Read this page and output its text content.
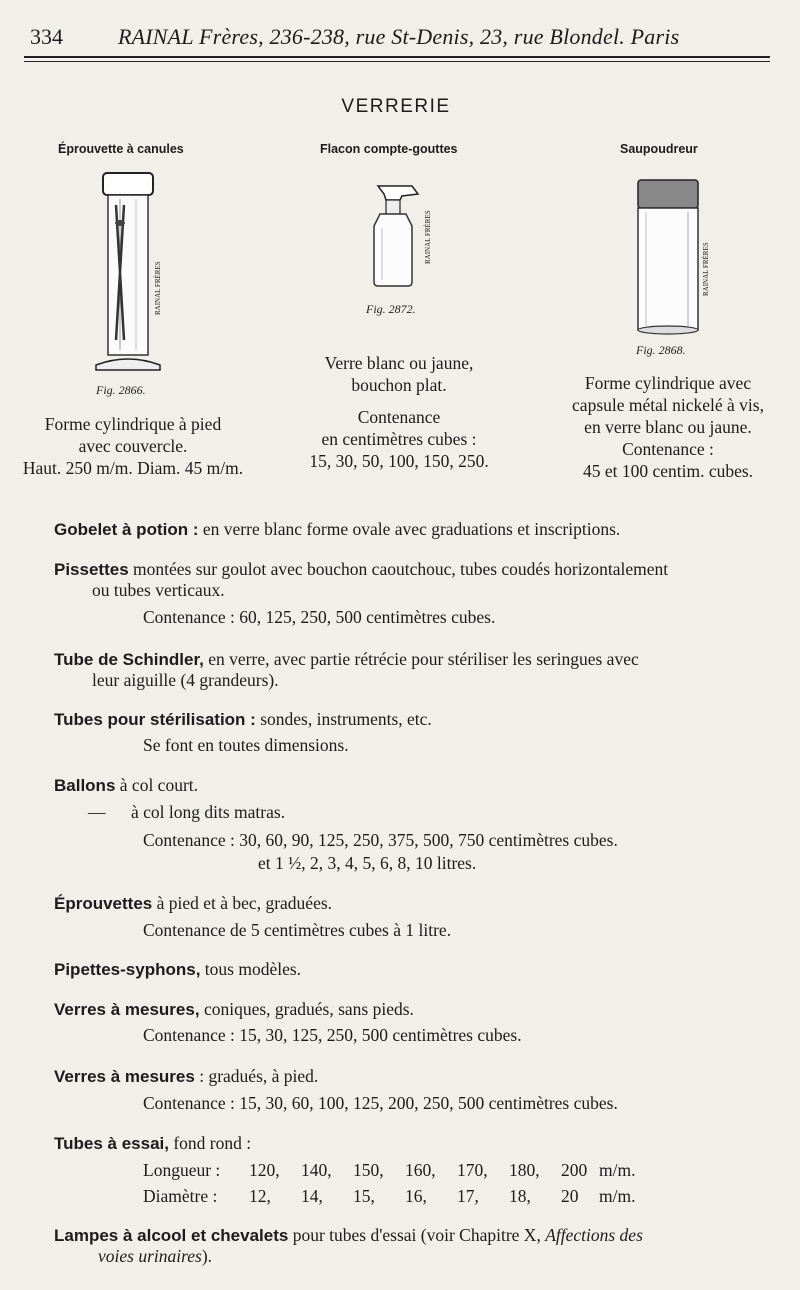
334	RAINAL Frères, 236-238, rue St-Denis, 23, rue Blondel. Paris
VERRERIE
Éprouvette à canules
RAINAL FRÈRES
Fig. 2866.
Forme cylindrique à pied
avec couvercle.
Haut. 250 m/m. Diam. 45 m/m.
Flacon compte-gouttes
RAINAL FRÈRES
Fig. 2872.
Verre blanc ou jaune,
bouchon plat.
Contenance
en centimètres cubes :
15, 30, 50, 100, 150, 250.
Saupoudreur
RAINAL FRÈRES
Fig. 2868.
Forme cylindrique avec
capsule métal nickelé à vis,
en verre blanc ou jaune.
Contenance :
45 et 100 centim. cubes.
Gobelet à potion : en verre blanc forme ovale avec graduations et inscriptions.
Pissettes montées sur goulot avec bouchon caoutchouc, tubes coudés horizontalement
ou tubes verticaux.
Contenance : 60, 125, 250, 500 centimètres cubes.
Tube de Schindler, en verre, avec partie rétrécie pour stériliser les seringues avec
leur aiguille (4 grandeurs).
Tubes pour stérilisation : sondes, instruments, etc.
Se font en toutes dimensions.
Ballons à col court.
— à col long dits matras.
Contenance : 30, 60, 90, 125, 250, 375, 500, 750 centimètres cubes.
et 1 ½, 2, 3, 4, 5, 6, 8, 10 litres.
Éprouvettes à pied et à bec, graduées.
Contenance de 5 centimètres cubes à 1 litre.
Pipettes-syphons, tous modèles.
Verres à mesures, coniques, gradués, sans pieds.
Contenance : 15, 30, 125, 250, 500 centimètres cubes.
Verres à mesures : gradués, à pied.
Contenance : 15, 30, 60, 100, 125, 200, 250, 500 centimètres cubes.
Tubes à essai, fond rond :
Longueur : 120, 140, 150, 160, 170, 180, 200 m/m.
Diamètre : 12, 14, 15, 16, 17, 18, 20 m/m.
Lampes à alcool et chevalets pour tubes d'essai (voir Chapitre X, Affections des
voies urinaires).
